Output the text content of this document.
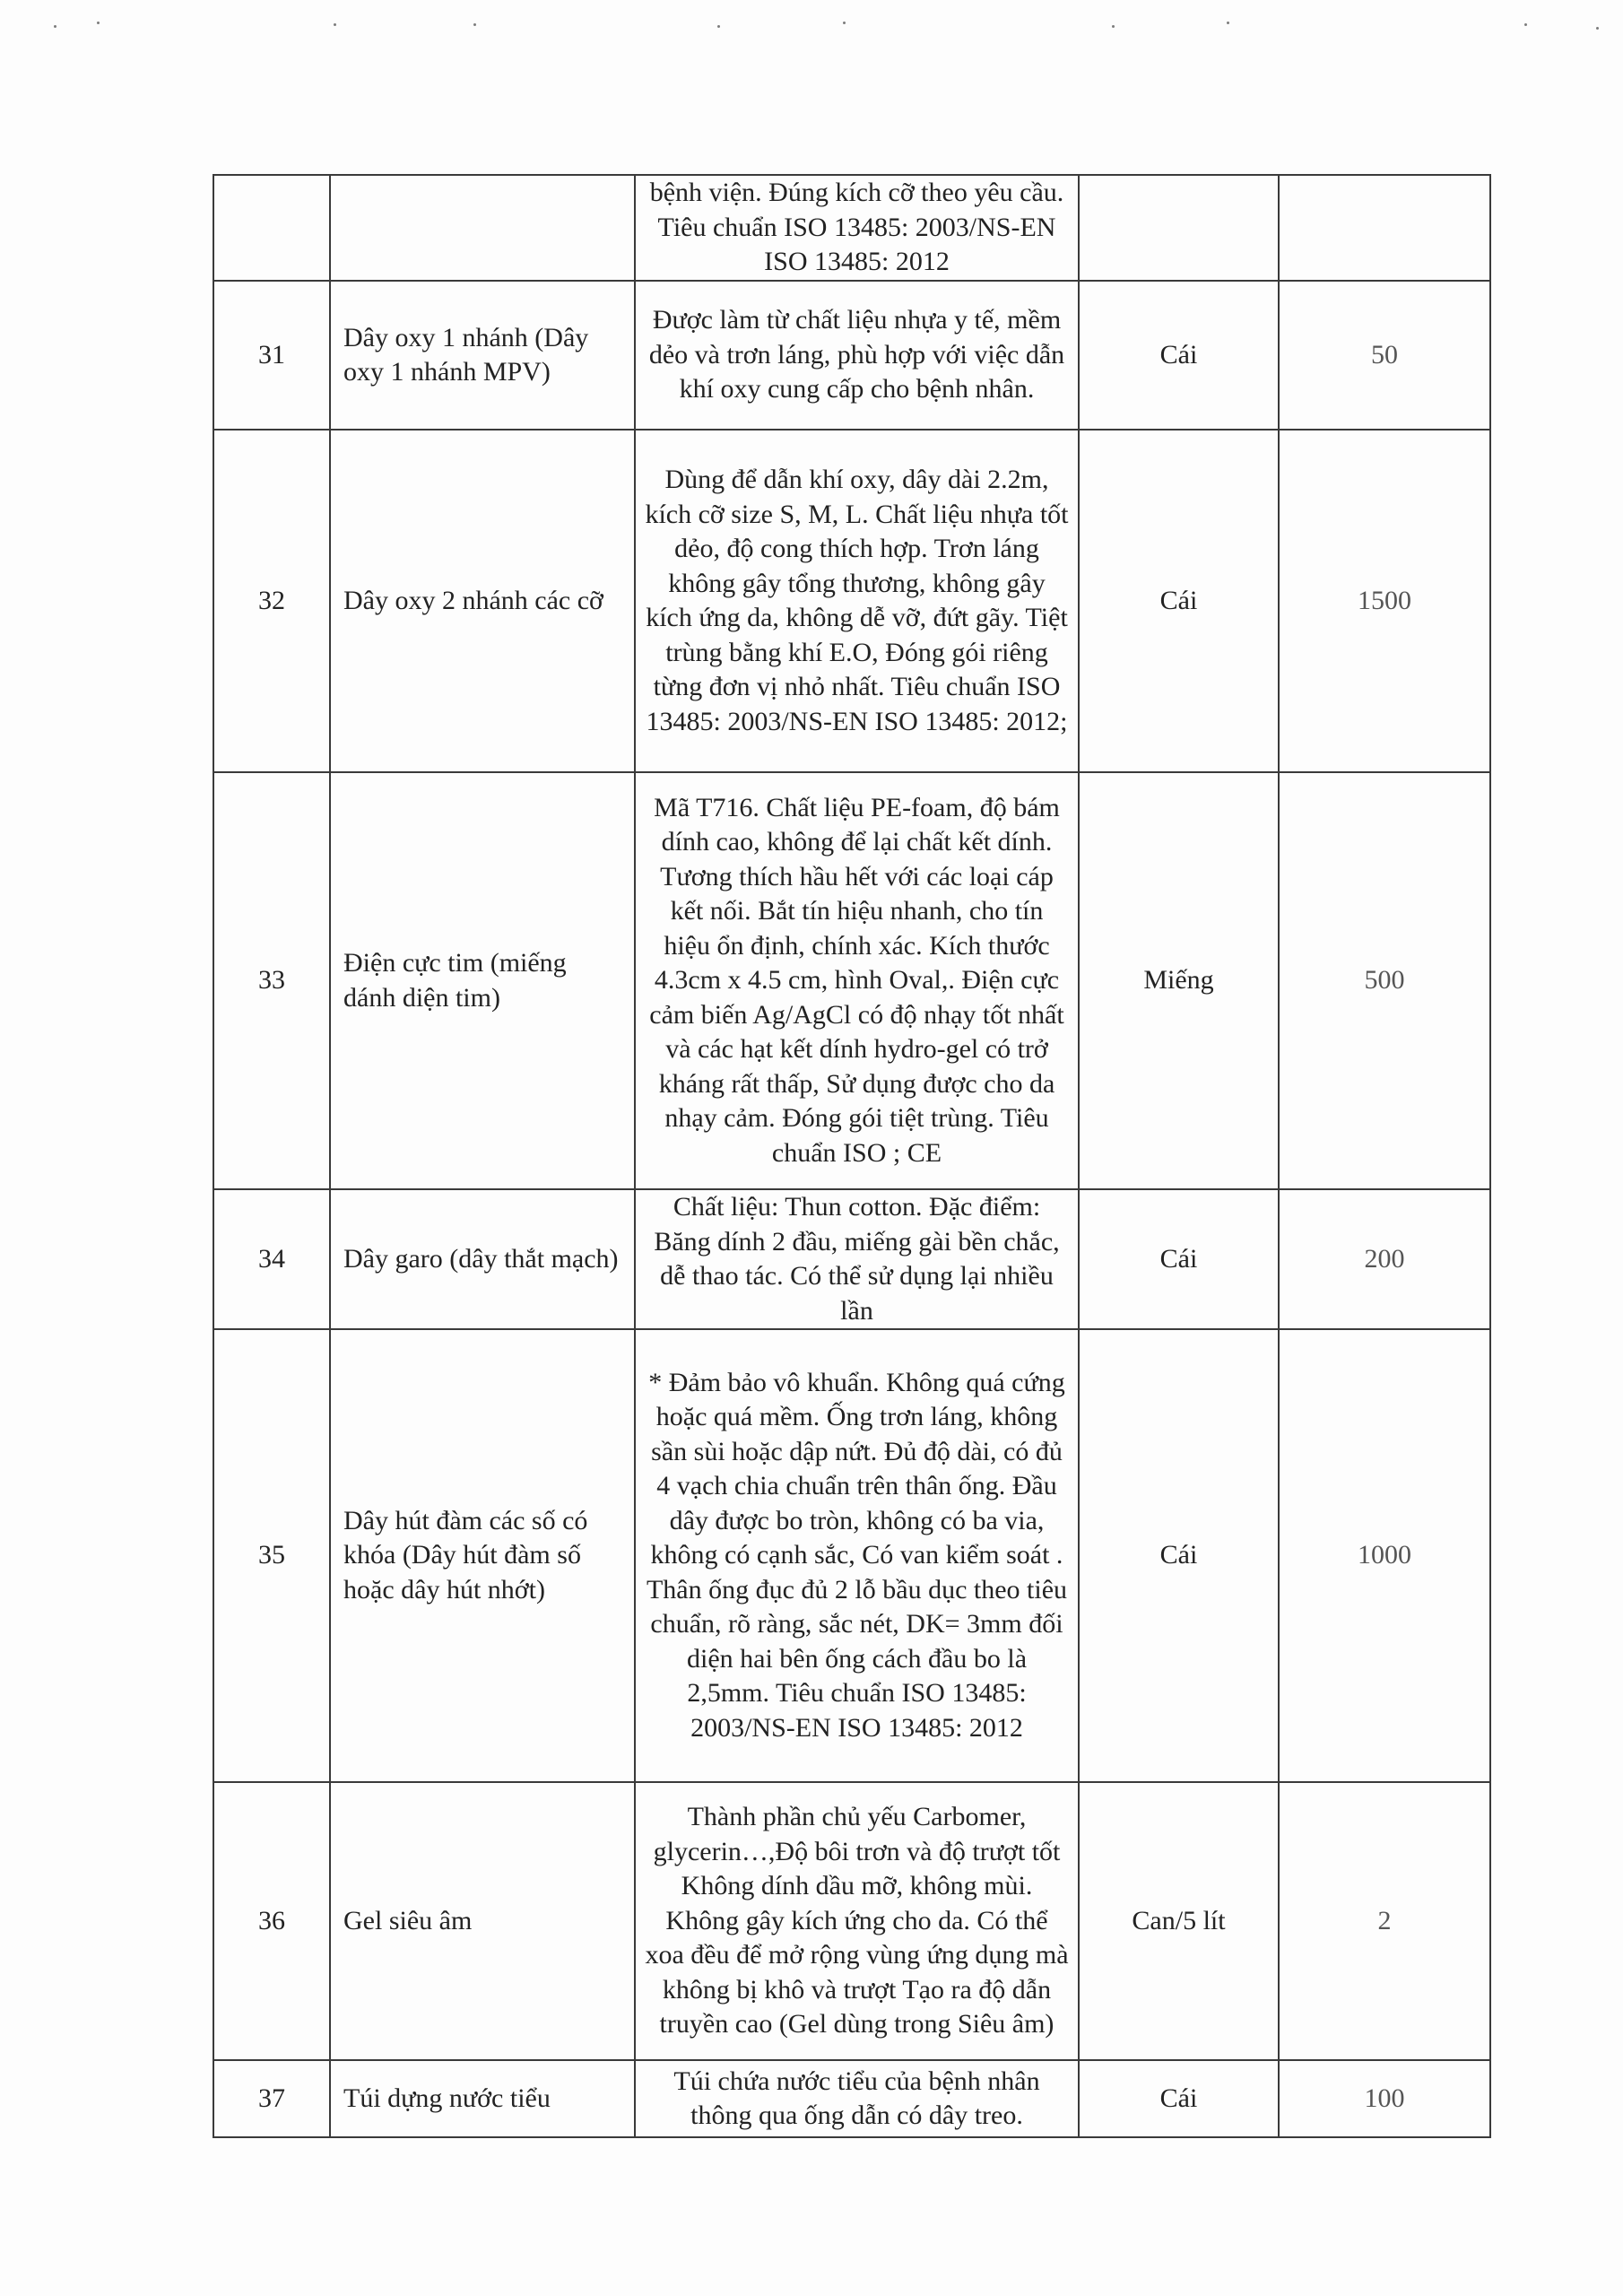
		bệnh viện. Đúng kích cỡ theo yêu cầu. Tiêu chuẩn ISO 13485: 2003/NS-EN ISO 13485: 2012		

31	Dây oxy 1 nhánh (Dây oxy 1 nhánh MPV)	Được làm từ chất liệu nhựa y tế, mềm dẻo và trơn láng, phù hợp với việc dẫn khí oxy cung cấp cho bệnh nhân.	Cái	50

32	Dây oxy 2 nhánh các cỡ	Dùng để dẫn khí oxy, dây dài 2.2m, kích cỡ size S, M, L. Chất liệu nhựa tốt dẻo, độ cong thích hợp. Trơn láng không gây tổng thương, không gây kích ứng da, không dễ vỡ, đứt gãy. Tiệt trùng bằng khí E.O, Đóng gói riêng từng đơn vị nhỏ nhất. Tiêu chuẩn ISO 13485: 2003/NS-EN ISO 13485: 2012;	Cái	1500

33	Điện cực tim (miếng dánh diện tim)	Mã T716. Chất liệu PE-foam, độ bám dính cao, không để lại chất kết dính. Tương thích hầu hết với các loại cáp kết nối. Bắt tín hiệu nhanh, cho tín hiệu ổn định, chính xác. Kích thước 4.3cm x 4.5 cm, hình Oval,. Điện cực cảm biến Ag/AgCl có độ nhạy tốt nhất và các hạt kết dính hydro-gel có trở kháng rất thấp, Sử dụng được cho da nhạy cảm. Đóng gói tiệt trùng. Tiêu chuẩn ISO ; CE	Miếng	500

34	Dây garo (dây thắt mạch)	Chất liệu: Thun cotton. Đặc điểm: Băng dính 2 đầu, miếng gài bền chắc, dễ thao tác. Có thể sử dụng lại nhiều lần	Cái	200

35	Dây hút đàm các số có khóa (Dây hút đàm số hoặc dây hút nhớt)	* Đảm bảo vô khuẩn. Không quá cứng hoặc quá mềm. Ống trơn láng, không sần sùi hoặc dập nứt. Đủ độ dài, có đủ 4 vạch chia chuẩn trên thân ống. Đầu dây được bo tròn, không có ba via, không có cạnh sắc, Có van kiểm soát . Thân ống đục đủ 2 lỗ bầu dục theo tiêu chuẩn, rõ ràng, sắc nét, DK= 3mm đối diện hai bên ống cách đầu bo là 2,5mm. Tiêu chuẩn ISO 13485: 2003/NS-EN ISO 13485: 2012	Cái	1000

36	Gel siêu âm	Thành phần chủ yếu Carbomer, glycerin…,Độ bôi trơn và độ trượt tốt Không dính dầu mỡ, không mùi. Không gây kích ứng cho da. Có thể xoa đều để mở rộng vùng ứng dụng mà không bị khô và trượt Tạo ra độ dẫn truyền cao (Gel dùng trong Siêu âm)	Can/5 lít	2

37	Túi dựng nước tiểu	Túi chứa nước tiểu của bệnh nhân thông qua ống dẫn có dây treo.	Cái	100
